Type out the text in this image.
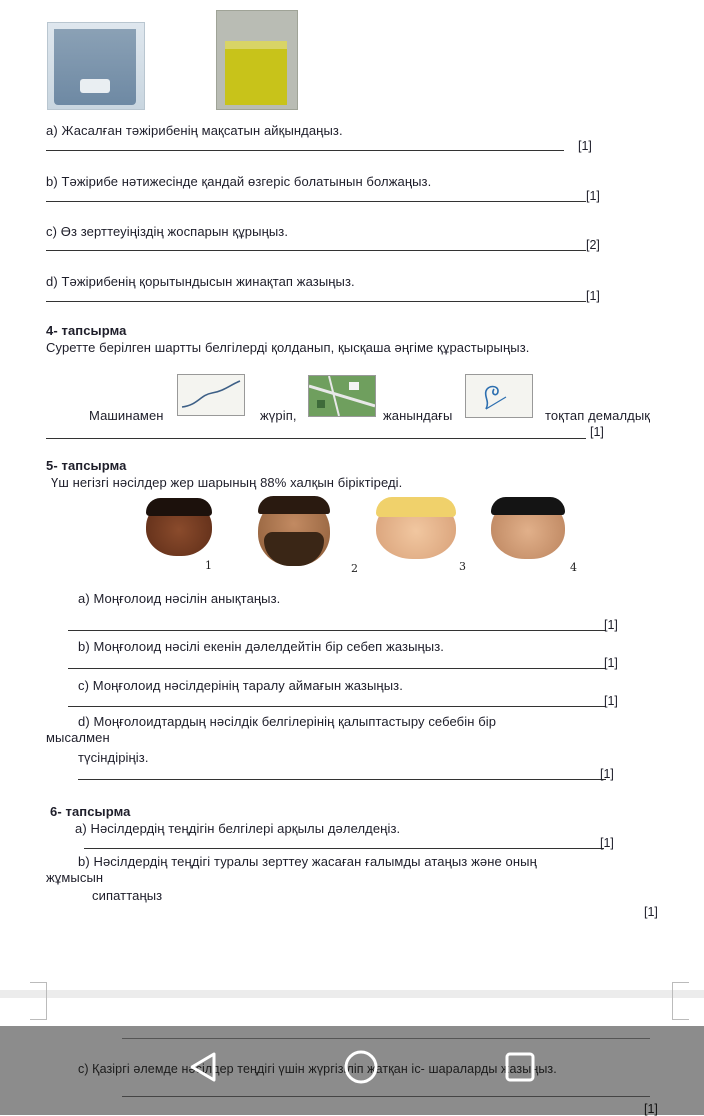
a) Жасалған тәжірибенің мақсатын айқындаңыз.
[1]
b) Тәжірибе нәтижесінде қандай өзгеріс болатынын болжаңыз.
[1]
c) Өз зерттеуіңіздің жоспарын құрыңыз.
[2]
d) Тәжірибенің қорытындысын жинақтап жазыңыз.
[1]
4- тапсырма
Суретте берілген шартты белгілерді қолданып, қысқаша әңгіме құрастырыңыз.
Машинамен	жүріп,	жанындағы	тоқтап демалдық
[1]
5- тапсырма
Үш негізгі нәсілдер жер шарының 88% халқын біріктіреді.
1	2	3	4
a) Моңғолоид нәсілін анықтаңыз.
[1]
b) Моңғолоид нәсілі екенін дәлелдейтін бір себеп жазыңыз.
[1]
c) Моңғолоид нәсілдерінің таралу аймағын жазыңыз.
[1]
d) Моңғолоидтардың нәсілдік белгілерінің қалыптастыру себебін бір
мысалмен
түсіндіріңіз.
[1]
6- тапсырма
a) Нәсілдердің теңдігін белгілері арқылы дәлелдеңіз.
[1]
b) Нәсілдердің теңдігі туралы зерттеу жасаған ғалымды атаңыз және оның
жұмысын
сипаттаңыз
[1]
c) Қазіргі әлемде нәсілдер теңдігі үшін жүргізіліп жатқан іс- шараларды жазыңыз.
[1]
